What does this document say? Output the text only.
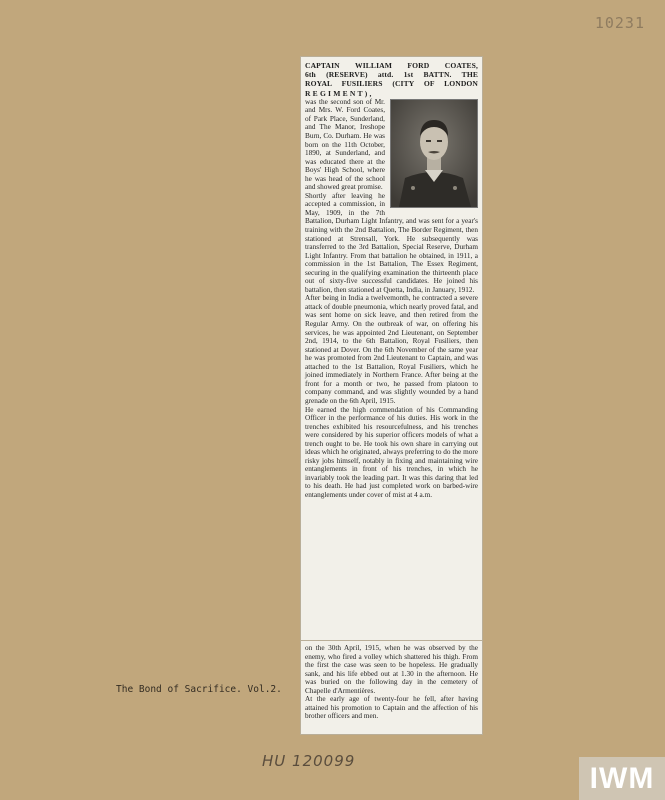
10231
CAPTAIN WILLIAM FORD COATES,
6th (RESERVE) attd. 1st BATTN. THE
ROYAL FUSILIERS (CITY OF LONDON
REGIMENT),

was the second son of Mr. and Mrs. W. Ford Coates, of Park Place, Sunderland, and The Manor, Ireshope Burn, Co. Durham. He was born on the 11th October, 1890, at Sunderland, and was educated there at the Boys' High School, where he was head of the school and showed great promise.

Shortly after leaving he accepted a commission, in May, 1909, in the 7th Battalion, Durham Light Infantry, and was sent for a year's training with the 2nd Battalion, The Border Regiment, then stationed at Strensall, York. He subsequently was transferred to the 3rd Battalion, Special Reserve, Durham Light Infantry. From that battalion he obtained, in 1911, a commission in the 1st Battalion, The Essex Regiment, securing in the qualifying examination the thirteenth place out of sixty-five successful candidates. He joined his battalion, then stationed at Quetta, India, in January, 1912.

After being in India a twelvemonth, he contracted a severe attack of double pneumonia, which nearly proved fatal, and was sent home on sick leave, and then retired from the Regular Army. On the outbreak of war, on offering his services, he was appointed 2nd Lieutenant, on September 2nd, 1914, to the 6th Battalion, Royal Fusiliers, then stationed at Dover. On the 6th November of the same year he was promoted from 2nd Lieutenant to Captain, and was attached to the 1st Battalion, Royal Fusiliers, which he joined immediately in Northern France. After being at the front for a month or two, he passed from platoon to company command, and was slightly wounded by a hand grenade on the 6th April, 1915.

He earned the high commendation of his Commanding Officer in the performance of his duties. His work in the trenches exhibited his resourcefulness, and his trenches were considered by his superior officers models of what a trench ought to be. He took his own share in carrying out ideas which he originated, always preferring to do the more risky jobs himself, notably in fixing and maintaining wire entanglements in front of his trenches, in which he invariably took the leading part. It was this daring that led to his death. He had just completed work on barbed-wire entanglements under cover of mist at 4 a.m.

on the 30th April, 1915, when he was observed by the enemy, who fired a volley which shattered his thigh. From the first the case was seen to be hopeless. He gradually sank, and his life ebbed out at 1.30 in the afternoon. He was buried on the following day in the cemetery of Chapelle d'Armentières.

At the early age of twenty-four he fell, after having attained his promotion to Captain and the affection of his brother officers and men.

The Bond of Sacrifice. Vol.2.
HU 120099
IWM
